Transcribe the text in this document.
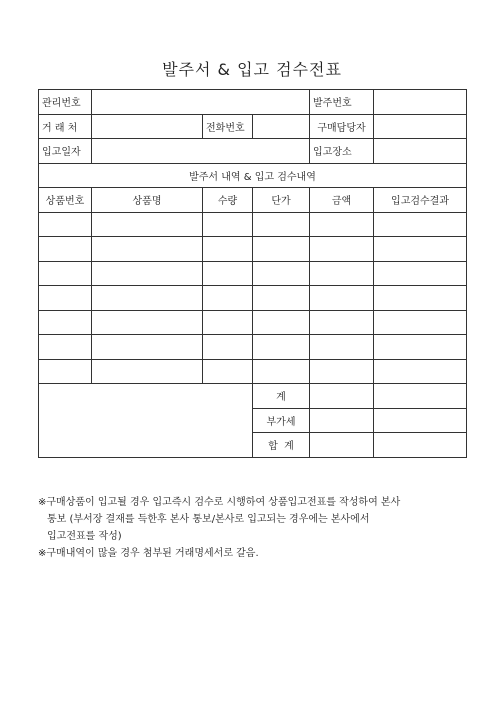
발주서 & 입고 검수전표
관리번호				발주번호	
거 래 처		전화번호		구매담당자	
입고일자				입고장소	
발주서 내역 & 입고 검수내역					
상품번호	상품명	수량	단가	금액	입고검수결과

			계		
			부가세		
			합  계		
※구매상품이 입고될 경우 입고즉시 검수로 시행하여 상품입고전표를 작성하여 본사
통보 (부서장 결재를 득한후 본사 통보/본사로 입고되는 경우에는 본사에서
입고전표를 작성)
※구매내역이 많을 경우 첨부된 거래명세서로 갈음.
